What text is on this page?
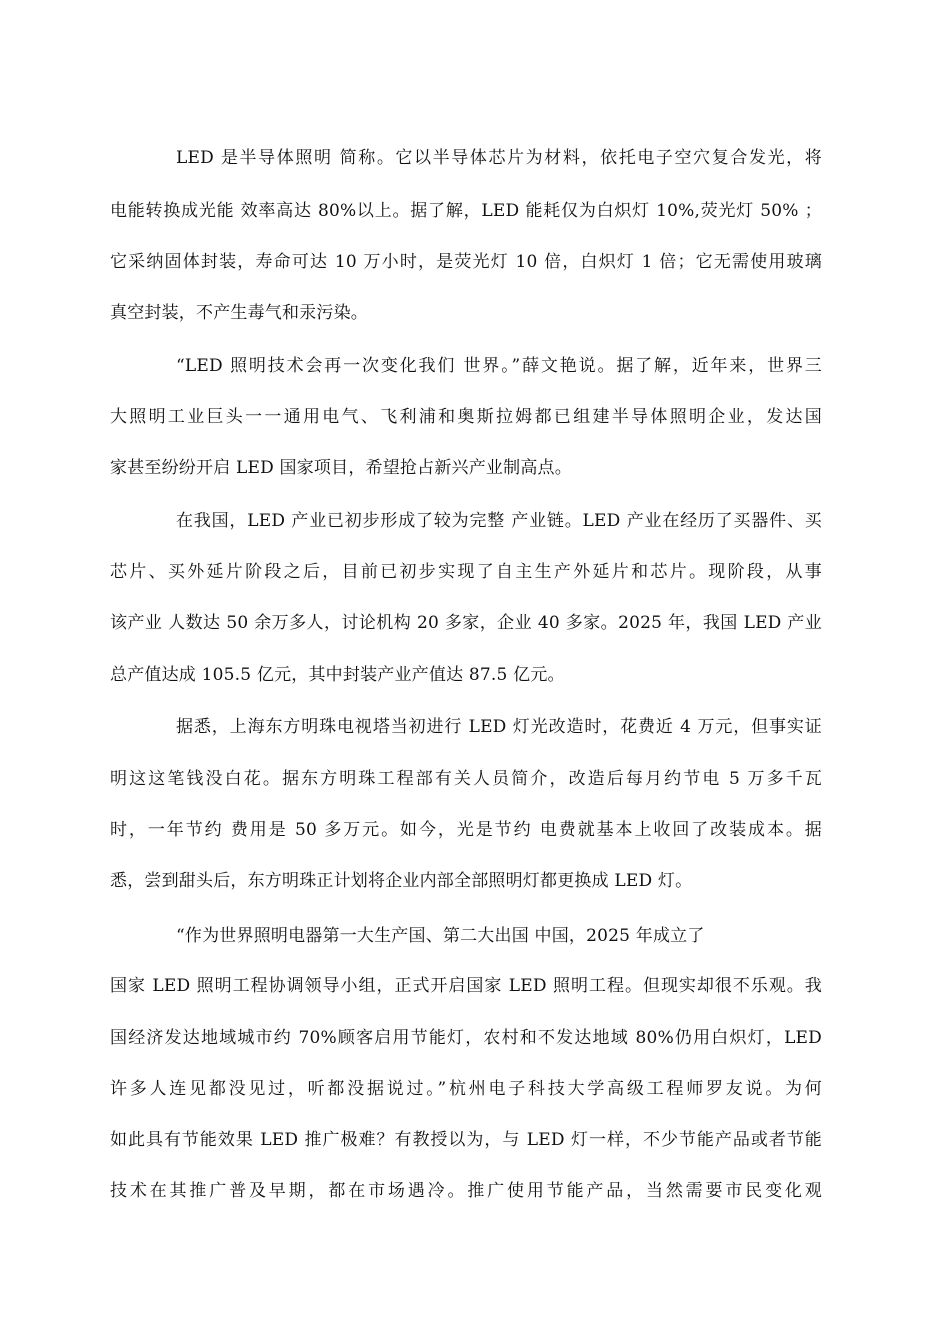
LED 是半导体照明 简称。它以半导体芯片为材料，依托电子空穴复合发光，将
电能转换成光能 效率高达 80%以上。据了解，LED 能耗仅为白炽灯 10%,荧光灯 50% ；
它采纳固体封装，寿命可达 10 万小时，是荧光灯 10 倍，白炽灯 1 倍；它无需使用玻璃
真空封装，不产生毒气和汞污染。
“LED 照明技术会再一次变化我们 世界。”薛文艳说。据了解，近年来，世界三
大照明工业巨头一一通用电气、飞利浦和奥斯拉姆都已组建半导体照明企业，发达国
家甚至纷纷开启 LED 国家项目，希望抢占新兴产业制高点。
在我国，LED 产业已初步形成了较为完整 产业链。LED 产业在经历了买器件、买
芯片、买外延片阶段之后，目前已初步实现了自主生产外延片和芯片。现阶段，从事
该产业 人数达 50 余万多人，讨论机构 20 多家，企业 40 多家。2025 年，我国 LED 产业
总产值达成 105.5 亿元，其中封装产业产值达 87.5 亿元。
据悉，上海东方明珠电视塔当初进行 LED 灯光改造时，花费近 4 万元，但事实证
明这这笔钱没白花。据东方明珠工程部有关人员简介，改造后每月约节电 5 万多千瓦
时，一年节约 费用是 50 多万元。如今，光是节约 电费就基本上收回了改装成本。据
悉，尝到甜头后，东方明珠正计划将企业内部全部照明灯都更换成 LED 灯。
“作为世界照明电器第一大生产国、第二大出国 中国，2025 年成立了
国家 LED 照明工程协调领导小组，正式开启国家 LED 照明工程。但现实却很不乐观。我
国经济发达地域城市约 70%顾客启用节能灯，农村和不发达地域 80%仍用白炽灯，LED
许多人连见都没见过，听都没据说过。”杭州电子科技大学高级工程师罗友说。为何
如此具有节能效果 LED 推广极难？有教授以为，与 LED 灯一样，不少节能产品或者节能
技术在其推广普及早期，都在市场遇冷。推广使用节能产品，当然需要市民变化观
